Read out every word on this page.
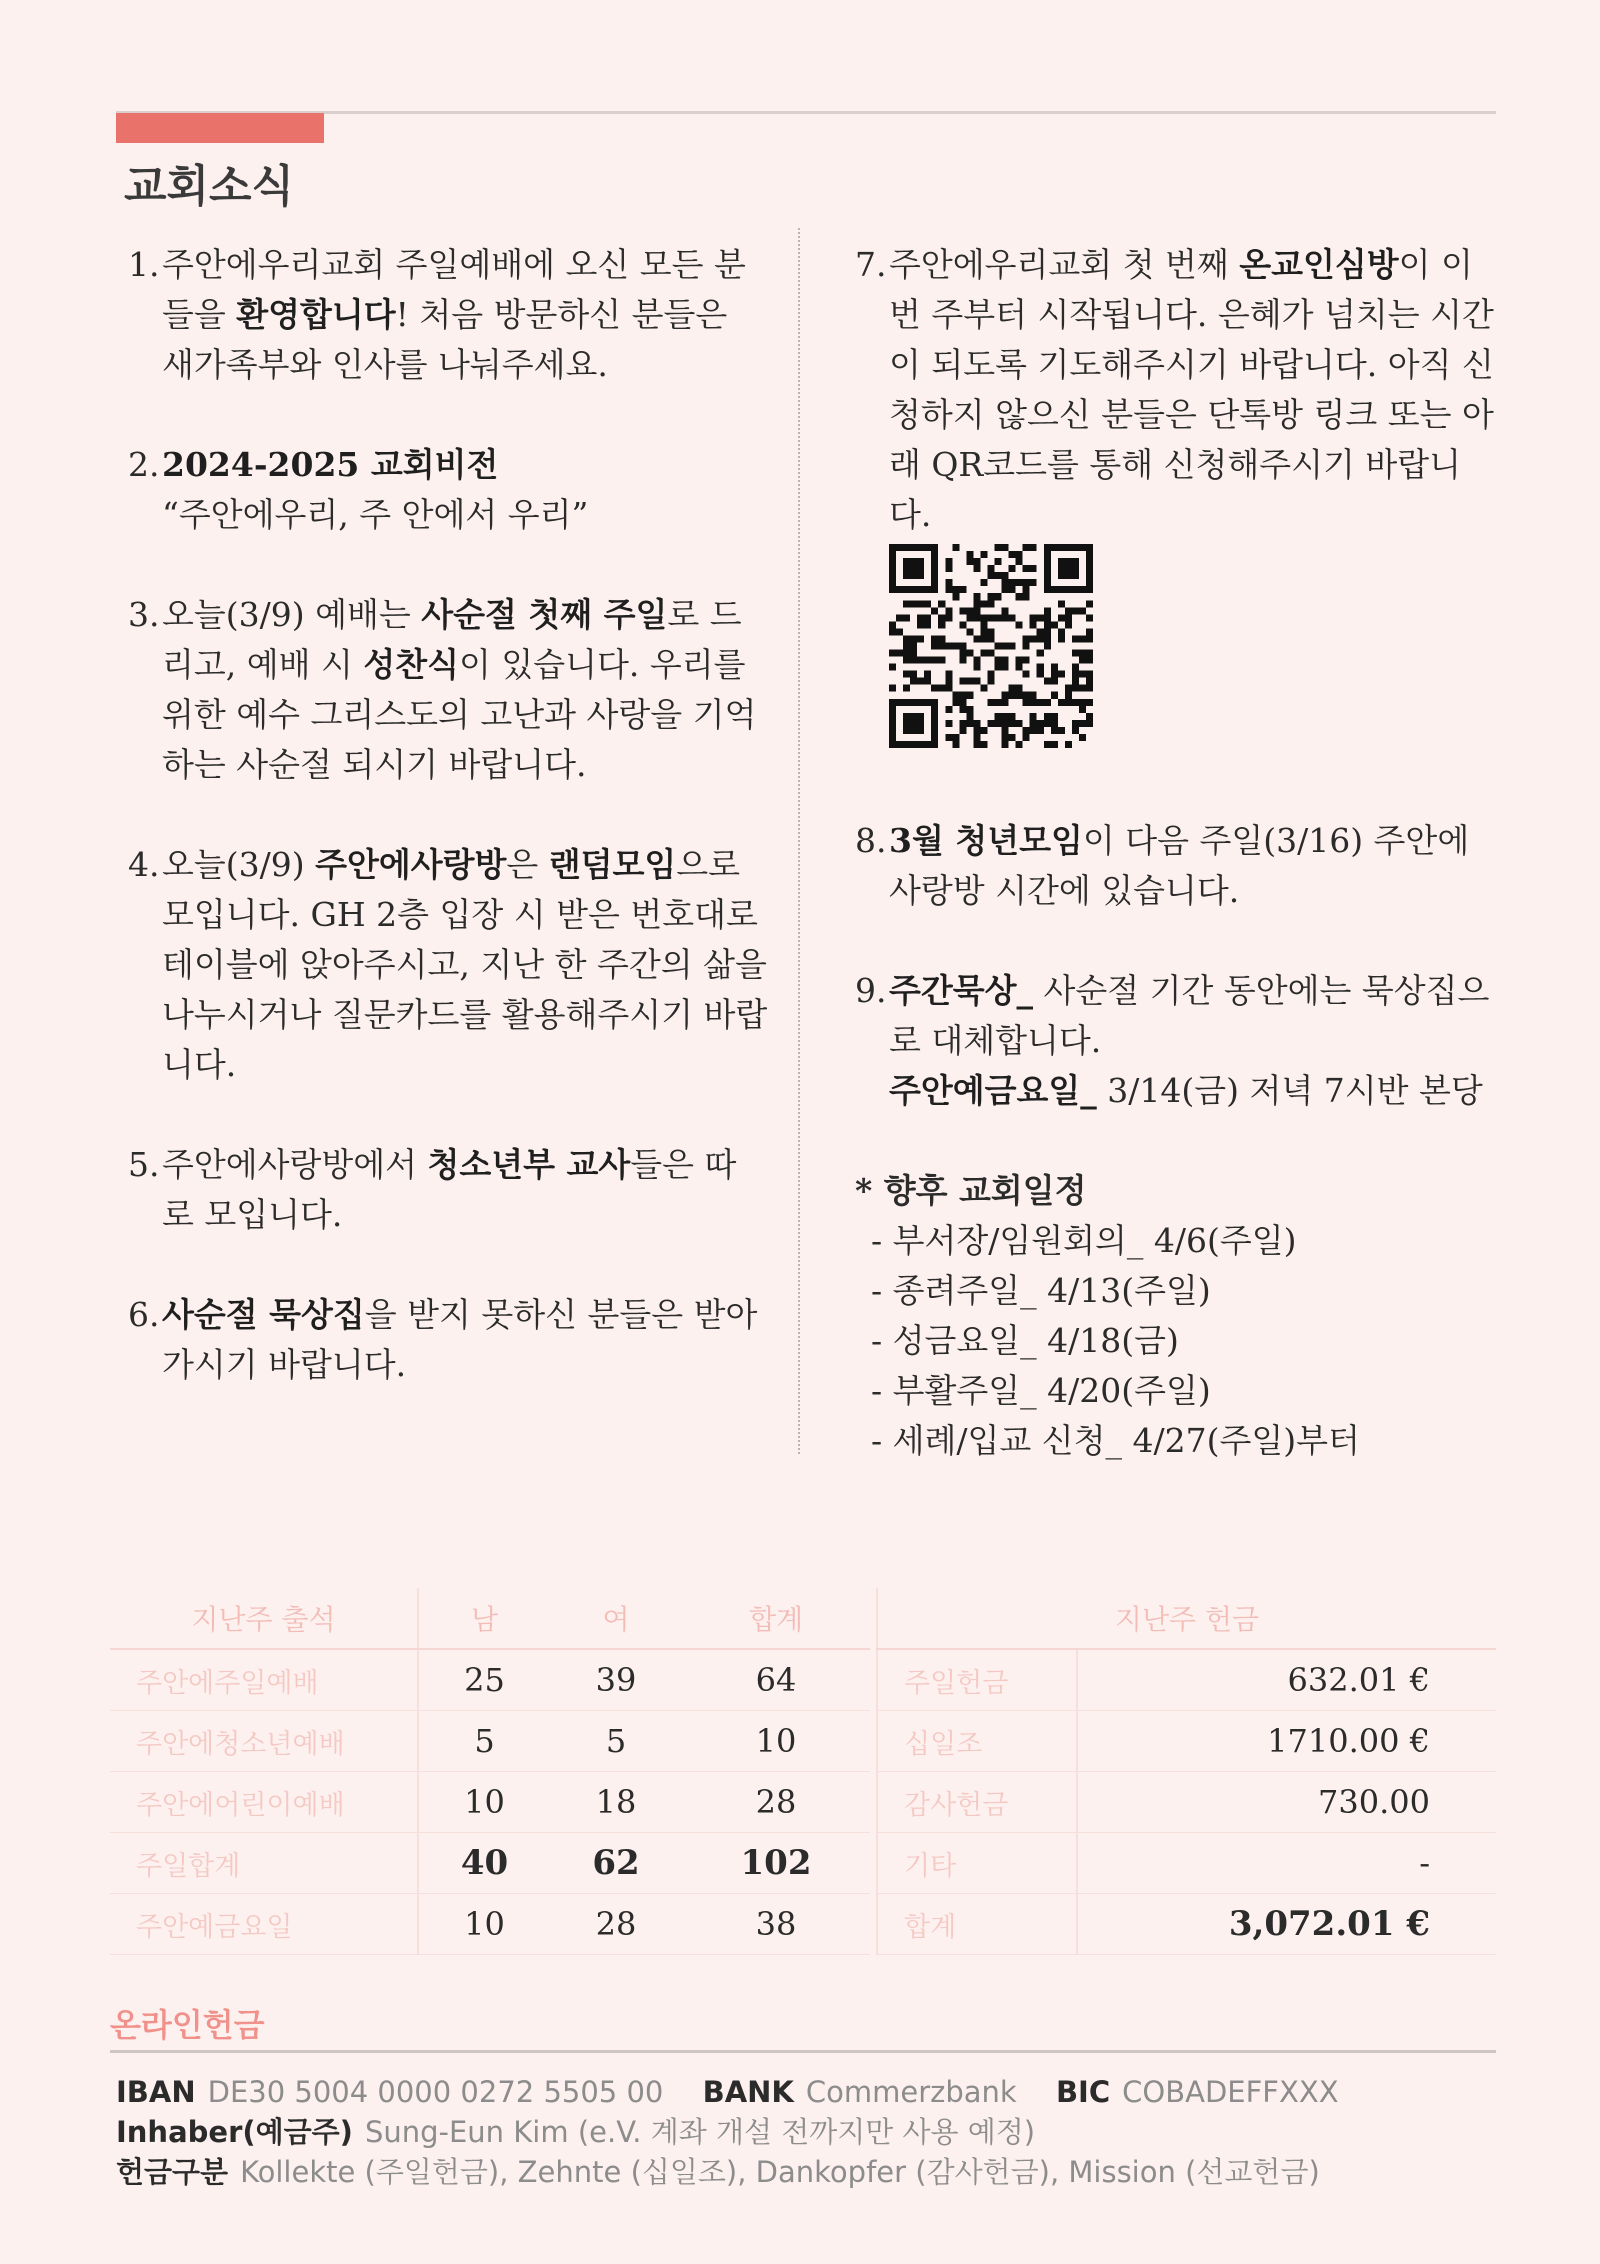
교회소식
1. 주안에우리교회 주일예배에 오신 모든 분들을 환영합니다! 처음 방문하신 분들은 새가족부와 인사를 나눠주세요.
2. 2024-2025 교회비전
“주안에우리, 주 안에서 우리”
3. 오늘(3/9) 예배는 사순절 첫째 주일로 드리고, 예배 시 성찬식이 있습니다. 우리를 위한 예수 그리스도의 고난과 사랑을 기억하는 사순절 되시기 바랍니다.
4. 오늘(3/9) 주안에사랑방은 랜덤모임으로 모입니다. GH 2층 입장 시 받은 번호대로 테이블에 앉아주시고, 지난 한 주간의 삶을 나누시거나 질문카드를 활용해주시기 바랍니다.
5. 주안에사랑방에서 청소년부 교사들은 따로 모입니다.
6. 사순절 묵상집을 받지 못하신 분들은 받아가시기 바랍니다.
7. 주안에우리교회 첫 번째 온교인심방이 이번 주부터 시작됩니다. 은혜가 넘치는 시간이 되도록 기도해주시기 바랍니다. 아직 신청하지 않으신 분들은 단톡방 링크 또는 아래 QR코드를 통해 신청해주시기 바랍니다.

8. 3월 청년모임이 다음 주일(3/16) 주안에사랑방 시간에 있습니다.
9. 주간묵상_ 사순절 기간 동안에는 묵상집으로 대체합니다.
주안예금요일_ 3/14(금) 저녁 7시반 본당
* 향후 교회일정
- 부서장/임원회의_ 4/6(주일)
- 종려주일_ 4/13(주일)
- 성금요일_ 4/18(금)
- 부활주일_ 4/20(주일)
- 세례/입교 신청_ 4/27(주일)부터
지난주 출석	남	여	합계
주안에주일예배	25	39	64
주안에청소년예배	5	5	10
주안에어린이예배	10	18	28
주일합계	40	62	102
주안예금요일	10	28	38
지난주 헌금	
주일헌금	632.01 €
십일조	1710.00 €
감사헌금	730.00
기타	-
합계	3,072.01 €
온라인헌금
IBAN DE30 5004 0000 0272 5505 00 BANK Commerzbank BIC COBADEFFXXX
Inhaber(예금주) Sung-Eun Kim (e.V. 계좌 개설 전까지만 사용 예정)
헌금구분 Kollekte (주일헌금), Zehnte (십일조), Dankopfer (감사헌금), Mission (선교헌금)
